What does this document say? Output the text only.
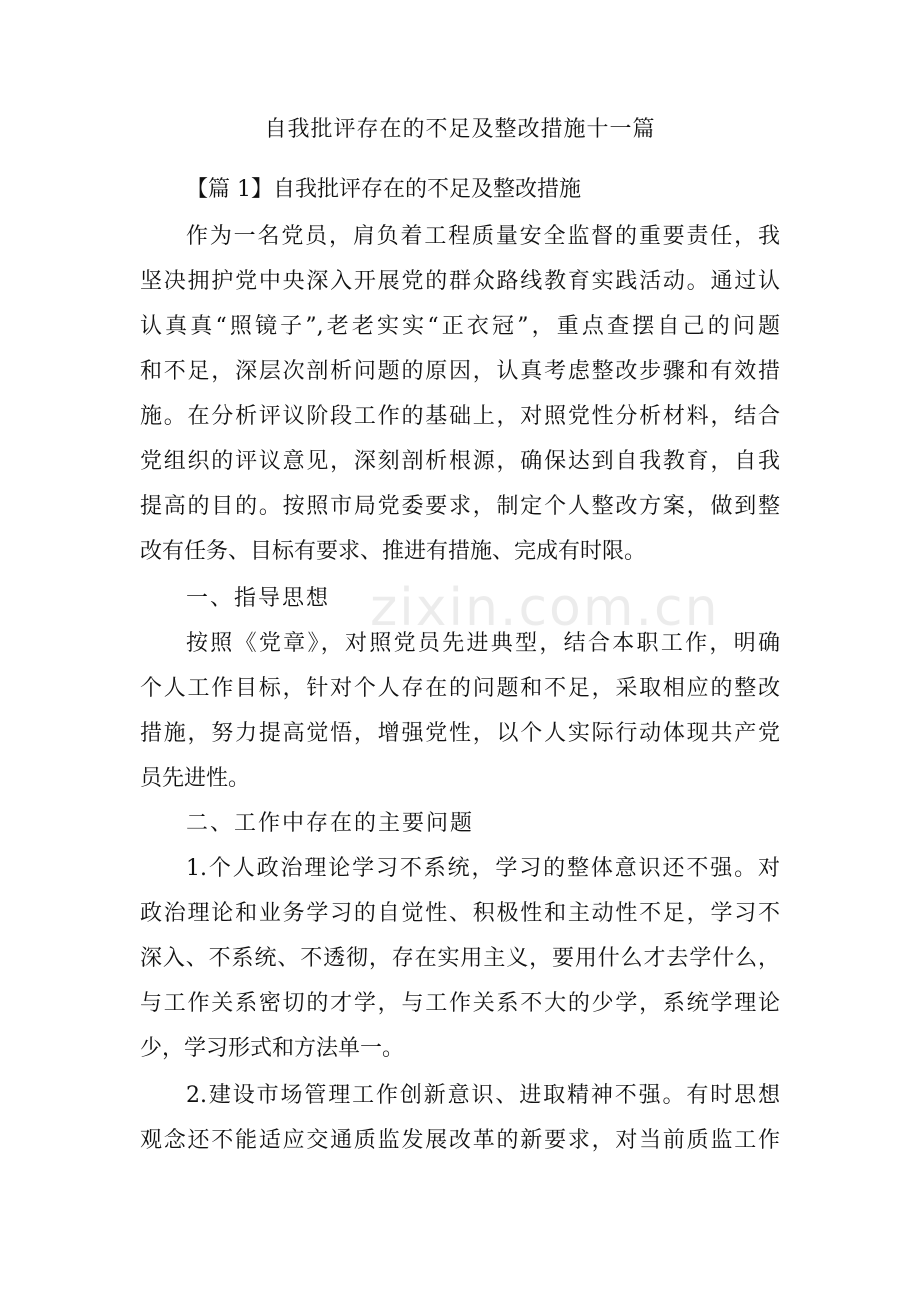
zixin.com.cn
自我批评存在的不足及整改措施十一篇
【篇 1】自我批评存在的不足及整改措施
作为一名党员，肩负着工程质量安全监督的重要责任，我
坚决拥护党中央深入开展党的群众路线教育实践活动。通过认
认真真“照镜子”,老老实实“正衣冠”，重点查摆自己的问题
和不足，深层次剖析问题的原因，认真考虑整改步骤和有效措
施。在分析评议阶段工作的基础上，对照党性分析材料，结合
党组织的评议意见，深刻剖析根源，确保达到自我教育，自我
提高的目的。按照市局党委要求，制定个人整改方案，做到整
改有任务、目标有要求、推进有措施、完成有时限。
一、指导思想
按照《党章》，对照党员先进典型，结合本职工作，明确
个人工作目标，针对个人存在的问题和不足，采取相应的整改
措施，努力提高觉悟，增强党性，以个人实际行动体现共产党
员先进性。
二、工作中存在的主要问题
1.个人政治理论学习不系统，学习的整体意识还不强。对
政治理论和业务学习的自觉性、积极性和主动性不足，学习不
深入、不系统、不透彻，存在实用主义，要用什么才去学什么，
与工作关系密切的才学，与工作关系不大的少学，系统学理论
少，学习形式和方法单一。
2.建设市场管理工作创新意识、进取精神不强。有时思想
观念还不能适应交通质监发展改革的新要求，对当前质监工作
